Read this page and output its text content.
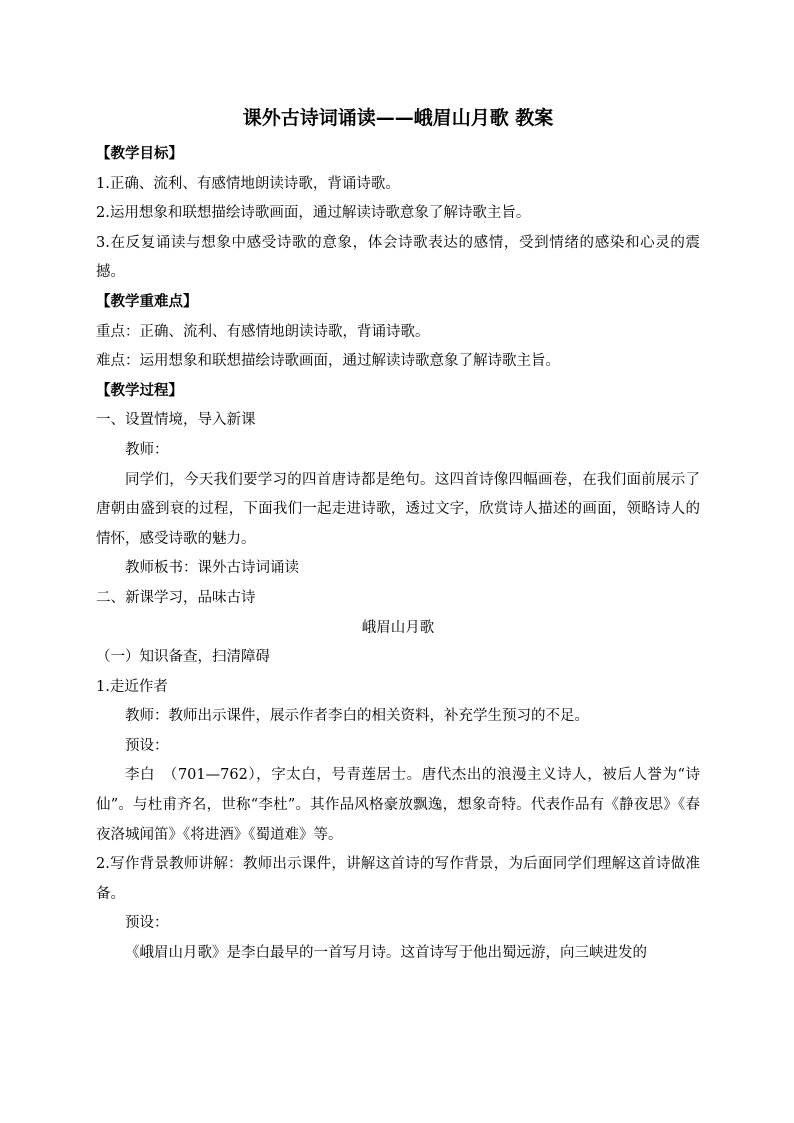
课外古诗词诵读——峨眉山月歌 教案

【教学目标】

1.正确、流利、有感情地朗读诗歌，背诵诗歌。

2.运用想象和联想描绘诗歌画面，通过解读诗歌意象了解诗歌主旨。

3.在反复诵读与想象中感受诗歌的意象，体会诗歌表达的感情，受到情绪的感染和心灵的震撼。

【教学重难点】

重点：正确、流利、有感情地朗读诗歌，背诵诗歌。

难点：运用想象和联想描绘诗歌画面，通过解读诗歌意象了解诗歌主旨。

【教学过程】

一、设置情境，导入新课

教师：

同学们，今天我们要学习的四首唐诗都是绝句。这四首诗像四幅画卷，在我们面前展示了唐朝由盛到衰的过程，下面我们一起走进诗歌，透过文字，欣赏诗人描述的画面，领略诗人的情怀，感受诗歌的魅力。

教师板书：课外古诗词诵读

二、新课学习，品味古诗

峨眉山月歌

（一）知识备查，扫清障碍

1.走近作者

教师：教师出示课件，展示作者李白的相关资料，补充学生预习的不足。

预设：

李白　（701—762），字太白，号青莲居士。唐代杰出的浪漫主义诗人，被后人誉为“诗仙”。与杜甫齐名，世称“李杜”。其作品风格豪放飘逸，想象奇特。代表作品有《静夜思》《春夜洛城闻笛》《将进酒》《蜀道难》等。

2.写作背景教师讲解：教师出示课件，讲解这首诗的写作背景，为后面同学们理解这首诗做准备。

预设：

《峨眉山月歌》是李白最早的一首写月诗。这首诗写于他出蜀远游，向三峡进发的
